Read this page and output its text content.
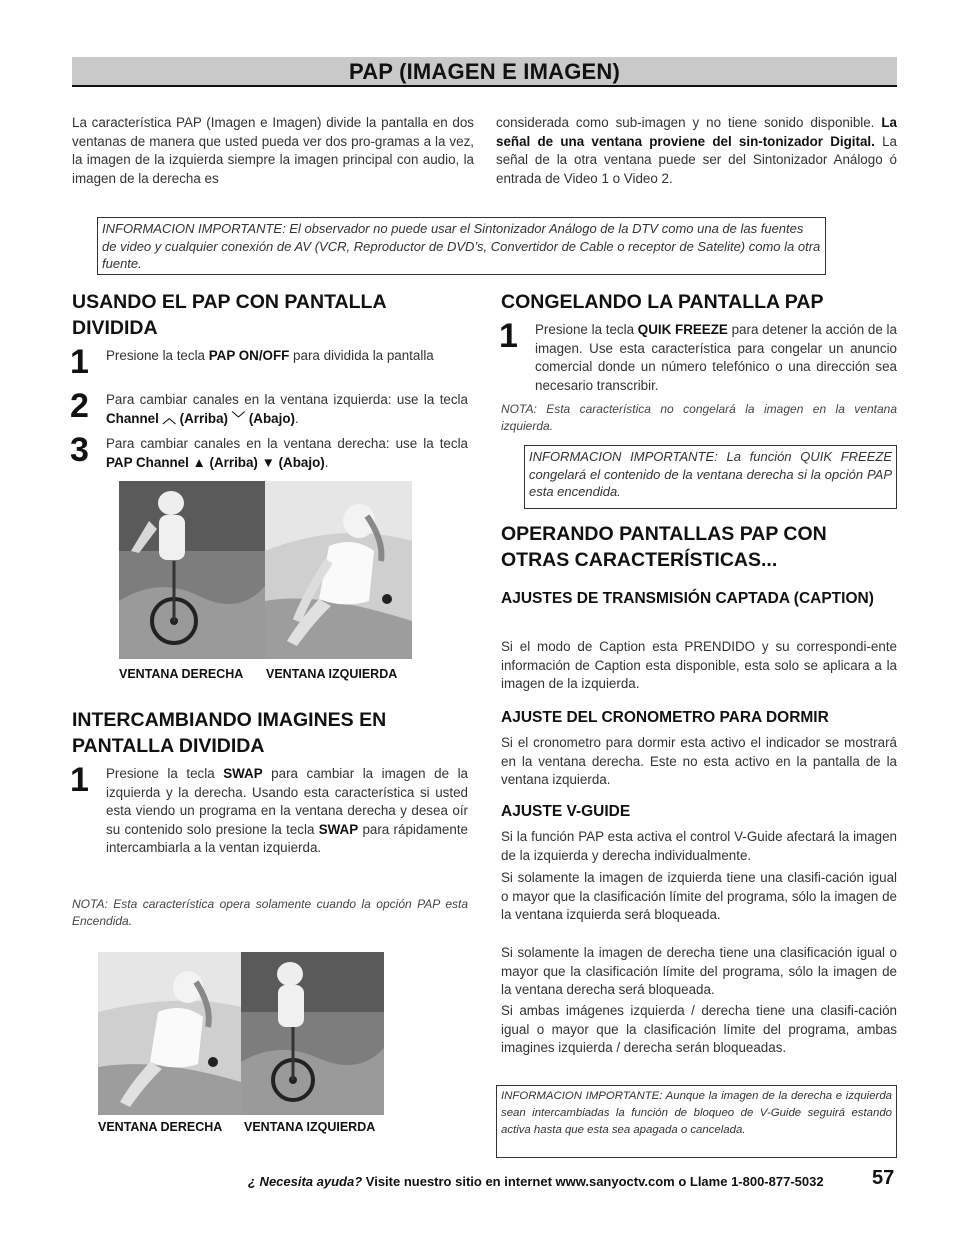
PAP (IMAGEN E IMAGEN)
La característica PAP (Imagen e Imagen) divide la pantalla en dos ventanas de manera que usted pueda ver dos pro-gramas a la vez, la imagen de la izquierda siempre la imagen principal con audio, la imagen de la derecha es
considerada como sub-imagen y no tiene sonido disponible. La señal de una ventana proviene del sin-tonizador Digital. La señal de la otra ventana puede ser del Sintonizador Análogo ó entrada de Video 1 o Video 2.
INFORMACION IMPORTANTE: El observador no puede usar el Sintonizador Análogo de la DTV como una de las fuentes de video y cualquier conexión de AV (VCR, Reproductor de DVD’s, Convertidor de Cable o receptor de Satelite) como la otra fuente.
USANDO EL PAP CON PANTALLA DIVIDIDA
1 Presione la tecla PAP ON/OFF para dividida la pantalla
2 Para cambiar canales en la ventana izquierda: use la tecla Channel ︿ (Arriba) ﹀ (Abajo).
3 Para cambiar canales en la ventana derecha: use la tecla PAP Channel ▲ (Arriba) ▼ (Abajo).
VENTANA DERECHA VENTANA IZQUIERDA
INTERCAMBIANDO IMAGINES EN PANTALLA DIVIDIDA
1 Presione la tecla SWAP para cambiar la imagen de la izquierda y la derecha. Usando esta característica si usted esta viendo un programa en la ventana derecha y desea oír su contenido solo presione la tecla SWAP para rápidamente intercambiarla a la ventan izquierda.
NOTA: Esta característica opera solamente cuando la opción PAP esta Encendida.
VENTANA DERECHA VENTANA IZQUIERDA
CONGELANDO LA PANTALLA PAP
1 Presione la tecla QUIK FREEZE para detener la acción de la imagen. Use esta característica para congelar un anuncio comercial donde un número telefónico o una dirección sea necesario transcribir.
NOTA: Esta característica no congelará la imagen en la ventana izquierda.
INFORMACION IMPORTANTE: La función QUIK FREEZE congelará el contenido de la ventana derecha si la opción PAP esta encendida.
OPERANDO PANTALLAS PAP CON OTRAS CARACTERÍSTICAS...
AJUSTES DE TRANSMISIÓN CAPTADA (CAPTION)
Si el modo de Caption esta PRENDIDO y su correspondi-ente información de Caption esta disponible, esta solo se aplicara a la imagen de la izquierda.
AJUSTE DEL CRONOMETRO PARA DORMIR
Si el cronometro para dormir esta activo el indicador se mostrará en la ventana derecha. Este no esta activo en la pantalla de la ventana izquierda.
AJUSTE V-GUIDE
Si la función PAP esta activa el control V-Guide afectará la imagen de la izquierda y derecha individualmente.
Si solamente la imagen de izquierda tiene una clasifi-cación igual o mayor que la clasificación límite del programa, sólo la imagen de la ventana izquierda será bloqueada.
Si solamente la imagen de derecha tiene una clasificación igual o mayor que la clasificación límite del programa, sólo la imagen de la ventana derecha será bloqueada.
Si ambas imágenes izquierda / derecha tiene una clasifi-cación igual o mayor que la clasificación límite del programa, ambas imagines izquierda / derecha serán bloqueadas.
INFORMACION IMPORTANTE: Aunque la imagen de la derecha e izquierda sean intercambiadas la función de bloqueo de V-Guide seguirá estando activa hasta que esta sea apagada o cancelada.
¿ Necesita ayuda? Visite nuestro sitio en internet www.sanyoctv.com o Llame 1-800-877-5032	57
